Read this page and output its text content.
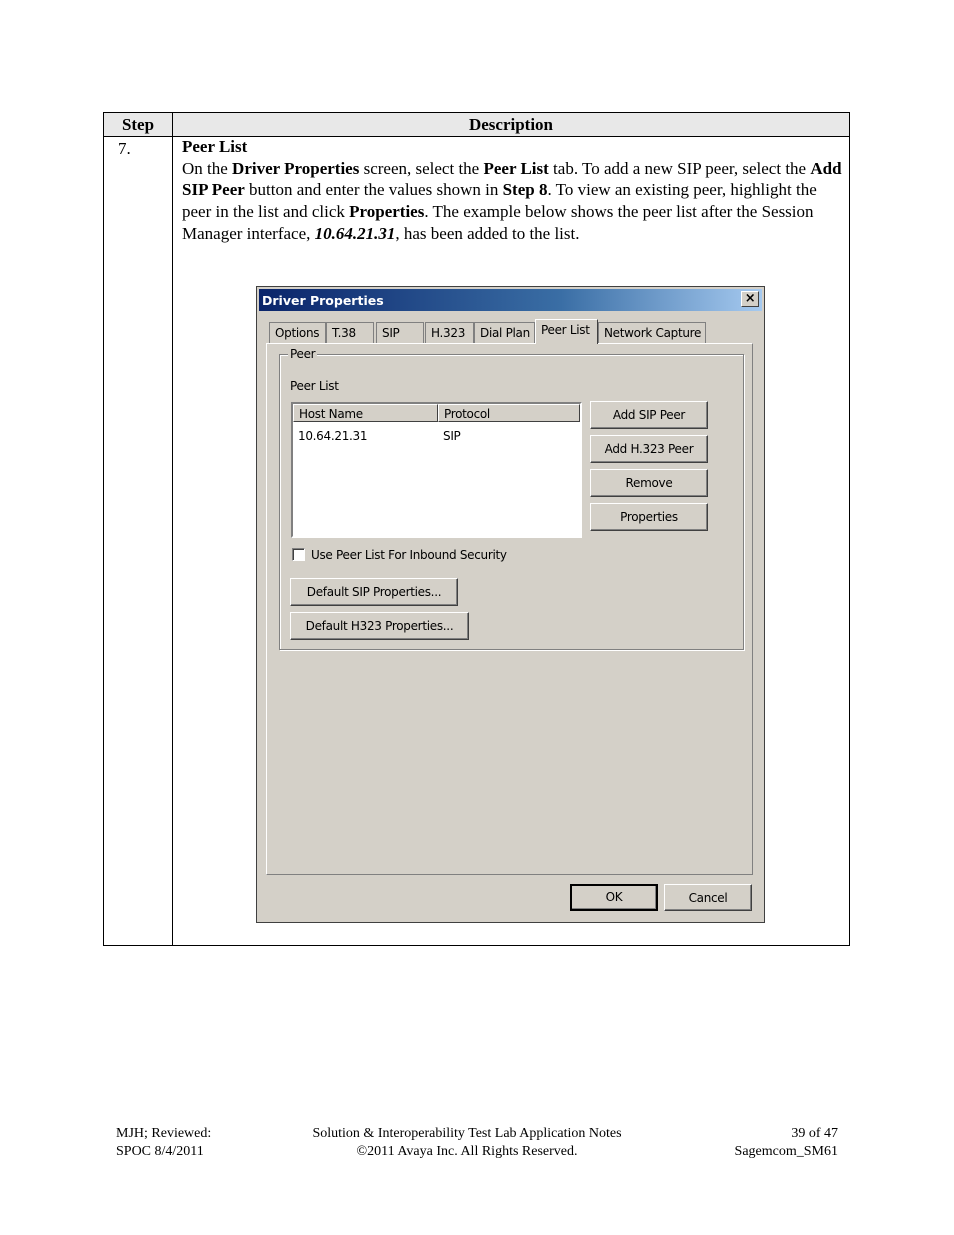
Step	Description
7.	Peer List
On the Driver Properties screen, select the Peer List tab. To add a new SIP peer, select the Add SIP Peer button and enter the values shown in Step 8. To view an existing peer, highlight the peer in the list and click Properties. The example below shows the peer list after the Session Manager interface, 10.64.21.31, has been added to the list.
Driver Properties	×
Options	T.38	SIP	H.323	Dial Plan Peer List	Network Capture
Peer
Peer List
Host Name	Protocol
10.64.21.31	SIP
Add SIP Peer
Add H.323 Peer
Remove
Properties
Use Peer List For Inbound Security
Default SIP Properties...
Default H323 Properties...
OK	Cancel
MJH; Reviewed:
SPOC 8/4/2011
Solution & Interoperability Test Lab Application Notes
©2011 Avaya Inc. All Rights Reserved.
39 of 47
Sagemcom_SM61
